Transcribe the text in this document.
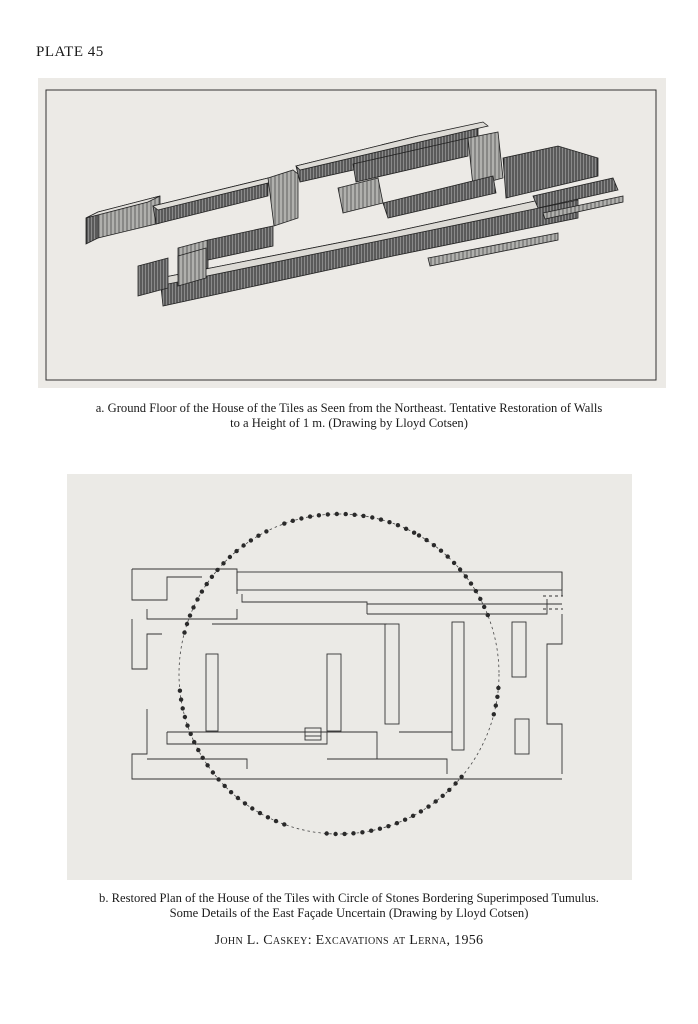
PLATE 45
a. Ground Floor of the House of the Tiles as Seen from the Northeast. Tentative Restoration of Walls
to a Height of 1 m. (Drawing by Lloyd Cotsen)
b. Restored Plan of the House of the Tiles with Circle of Stones Bordering Superimposed Tumulus.
Some Details of the East Façade Uncertain (Drawing by Lloyd Cotsen)
John L. Caskey: Excavations at Lerna, 1956
